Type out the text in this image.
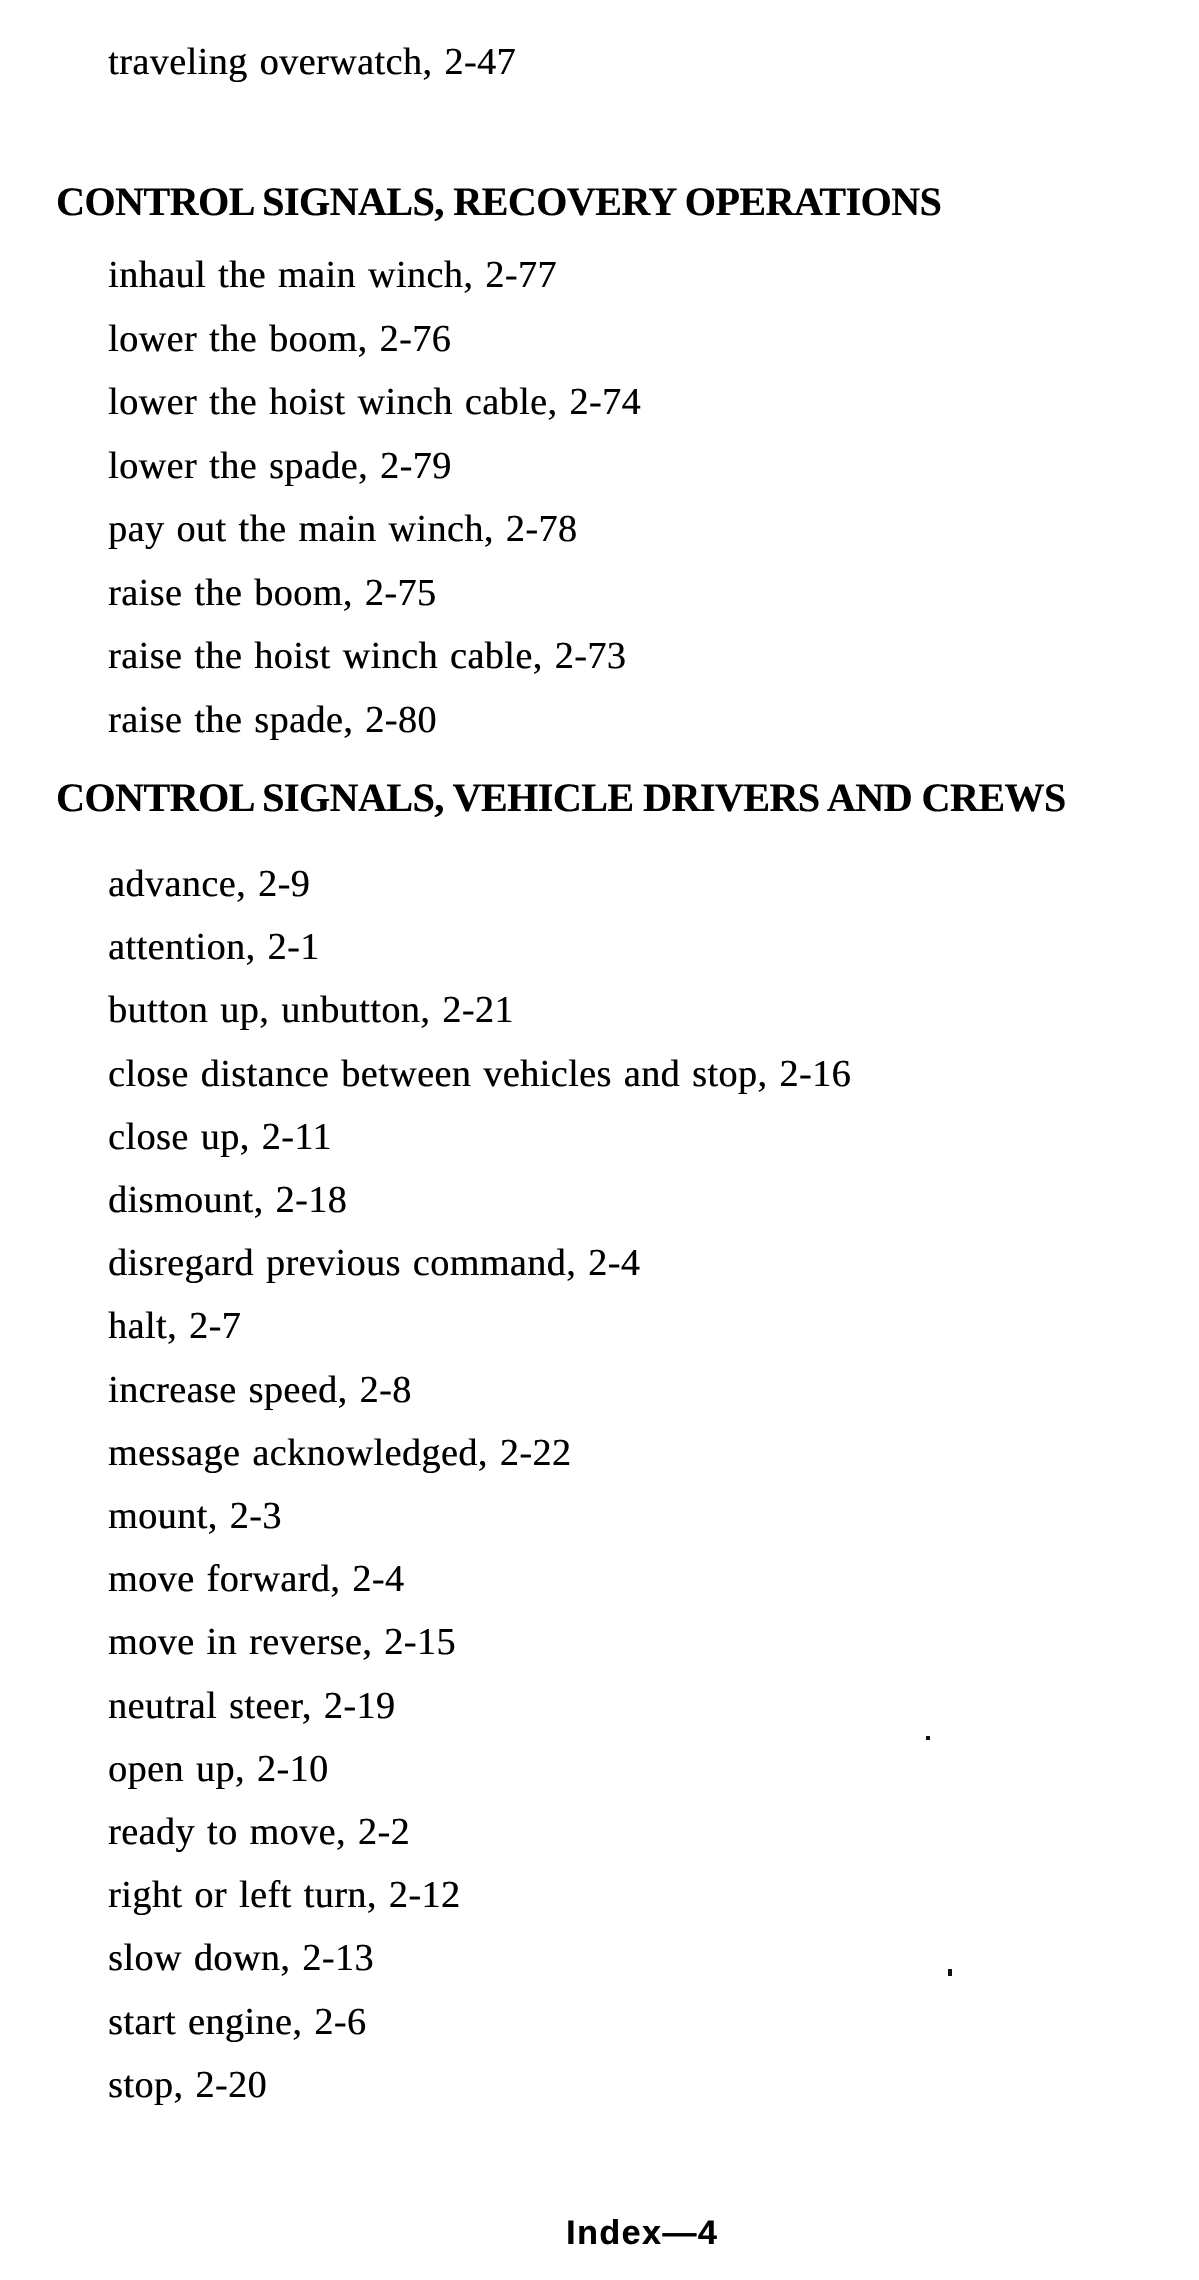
traveling overwatch, 2-47
CONTROL SIGNALS, RECOVERY OPERATIONS
inhaul the main winch, 2-77
lower the boom, 2-76
lower the hoist winch cable, 2-74
lower the spade, 2-79
pay out the main winch, 2-78
raise the boom, 2-75
raise the hoist winch cable, 2-73
raise the spade, 2-80
CONTROL SIGNALS, VEHICLE DRIVERS AND CREWS
advance, 2-9
attention, 2-1
button up, unbutton, 2-21
close distance between vehicles and stop, 2-16
close up, 2-11
dismount, 2-18
disregard previous command, 2-4
halt, 2-7
increase speed, 2-8
message acknowledged, 2-22
mount, 2-3
move forward, 2-4
move in reverse, 2-15
neutral steer, 2-19
open up, 2-10
ready to move, 2-2
right or left turn, 2-12
slow down, 2-13
start engine, 2-6
stop, 2-20
Index—4
